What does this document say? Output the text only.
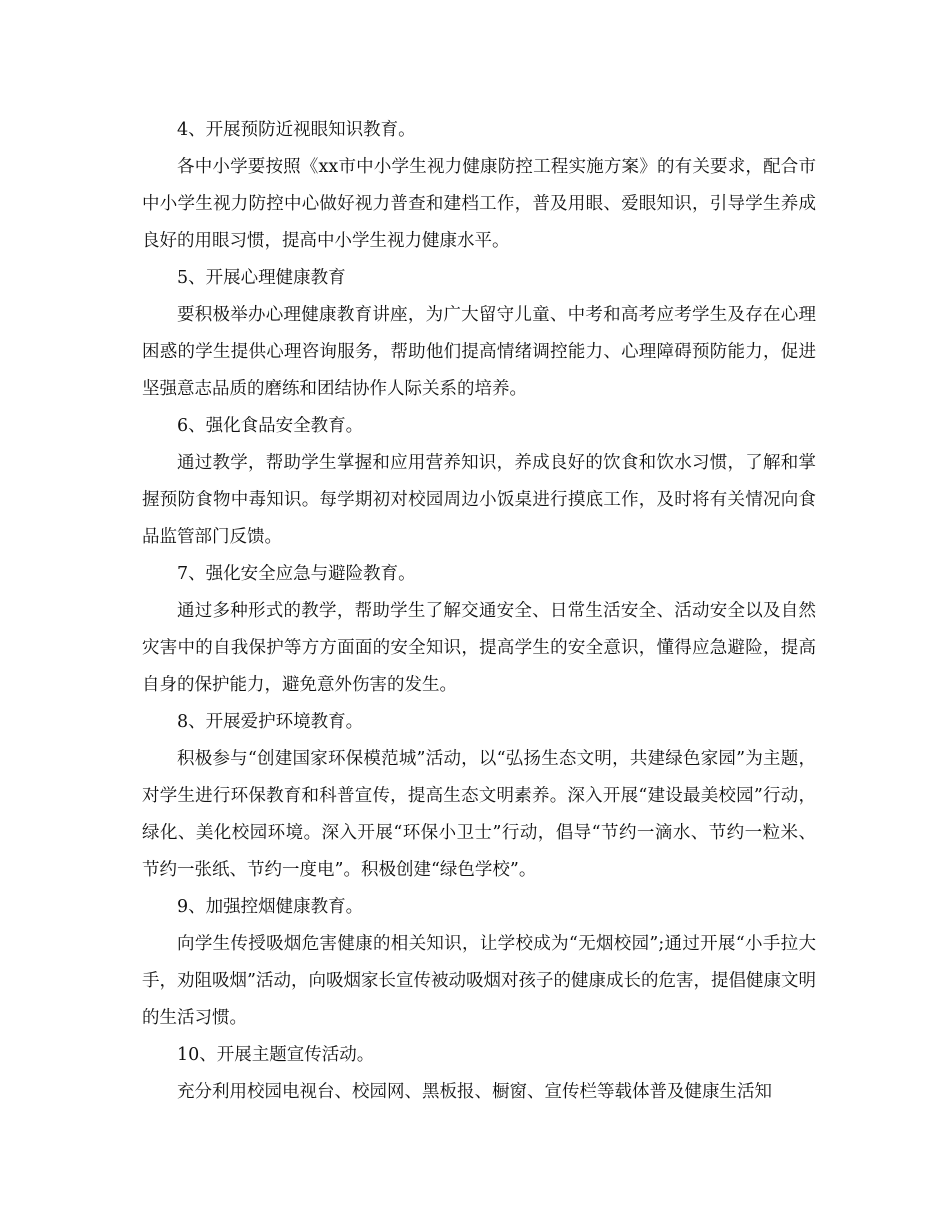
4、开展预防近视眼知识教育。

各中小学要按照《xx市中小学生视力健康防控工程实施方案》的有关要求，配合市中小学生视力防控中心做好视力普查和建档工作，普及用眼、爱眼知识，引导学生养成良好的用眼习惯，提高中小学生视力健康水平。

5、开展心理健康教育

要积极举办心理健康教育讲座，为广大留守儿童、中考和高考应考学生及存在心理困惑的学生提供心理咨询服务，帮助他们提高情绪调控能力、心理障碍预防能力，促进坚强意志品质的磨练和团结协作人际关系的培养。

6、强化食品安全教育。

通过教学，帮助学生掌握和应用营养知识，养成良好的饮食和饮水习惯，了解和掌握预防食物中毒知识。每学期初对校园周边小饭桌进行摸底工作，及时将有关情况向食品监管部门反馈。

7、强化安全应急与避险教育。

通过多种形式的教学，帮助学生了解交通安全、日常生活安全、活动安全以及自然灾害中的自我保护等方方面面的安全知识，提高学生的安全意识，懂得应急避险，提高自身的保护能力，避免意外伤害的发生。

8、开展爱护环境教育。

积极参与“创建国家环保模范城”活动，以“弘扬生态文明，共建绿色家园”为主题，对学生进行环保教育和科普宣传，提高生态文明素养。深入开展“建设最美校园”行动，绿化、美化校园环境。深入开展“环保小卫士”行动，倡导“节约一滴水、节约一粒米、节约一张纸、节约一度电”。积极创建“绿色学校”。

9、加强控烟健康教育。

向学生传授吸烟危害健康的相关知识，让学校成为“无烟校园”;通过开展“小手拉大手，劝阻吸烟”活动，向吸烟家长宣传被动吸烟对孩子的健康成长的危害，提倡健康文明的生活习惯。

10、开展主题宣传活动。

充分利用校园电视台、校园网、黑板报、橱窗、宣传栏等载体普及健康生活知
